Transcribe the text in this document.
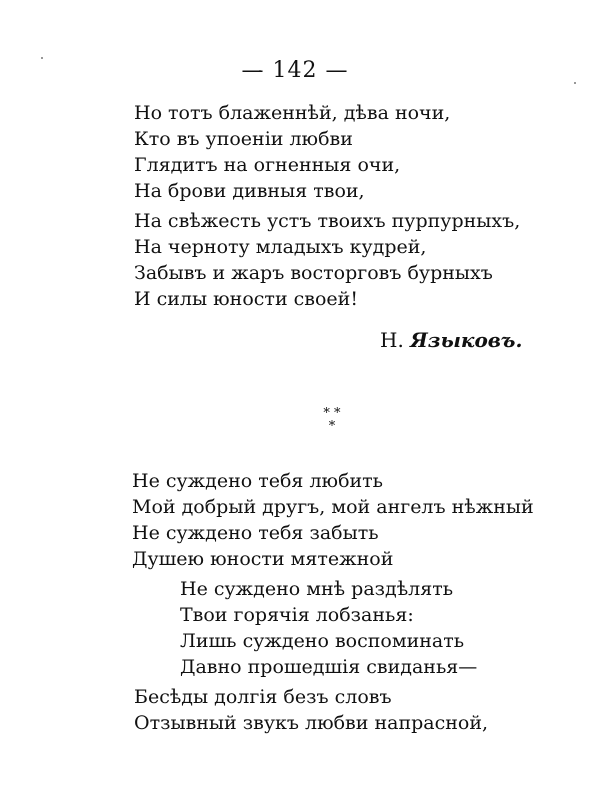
— 142 —
Но тотъ блаженнѣй, дѣва ночи,
Кто въ упоеніи любви
Глядитъ на огненныя очи,
На брови дивныя твои,
На свѣжесть устъ твоихъ пурпурныхъ,
На черноту младыхъ кудрей,
Забывъ и жаръ восторговъ бурныхъ
И силы юности своей!
Н. Языковъ.
* *
*
Не суждено тебя любить
Мой добрый другъ, мой ангелъ нѣжный
Не суждено тебя забыть
Душею юности мятежной
Не суждено мнѣ раздѣлять
Твои горячія лобзанья:
Лишь суждено воспоминать
Давно прошедшія свиданья—
Бесѣды долгія безъ словъ
Отзывный звукъ любви напрасной,
